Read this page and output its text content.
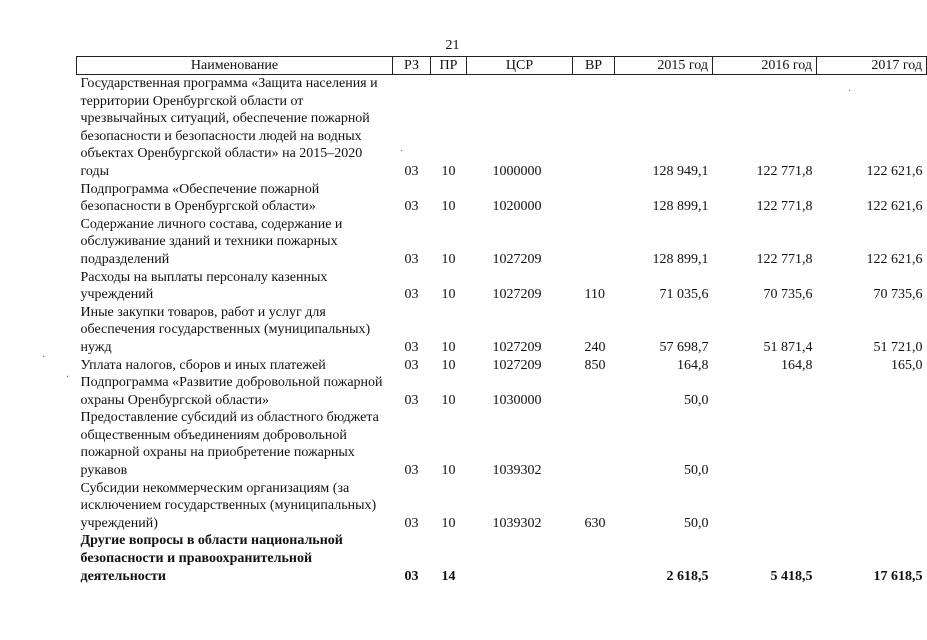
21
Наименование	РЗ	ПР	ЦСР	ВР	2015 год	2016 год	2017 год
Государственная программа «Защита населения и территории Оренбургской области от чрезвычайных ситуаций, обеспечение пожарной безопасности и безопасности людей на водных объектах Оренбургской области» на 2015–2020 годы	03	10	1000000		128 949,1	122 771,8	122 621,6
Подпрограмма «Обеспечение пожарной безопасности в Оренбургской области»	03	10	1020000		128 899,1	122 771,8	122 621,6
Содержание личного состава, содержание и обслуживание зданий и техники пожарных подразделений	03	10	1027209		128 899,1	122 771,8	122 621,6
Расходы на выплаты персоналу казенных учреждений	03	10	1027209	110	71 035,6	70 735,6	70 735,6
Иные закупки товаров, работ и услуг для обеспечения государственных (муниципальных) нужд	03	10	1027209	240	57 698,7	51 871,4	51 721,0
Уплата налогов, сборов и иных платежей	03	10	1027209	850	164,8	164,8	165,0
Подпрограмма «Развитие добровольной пожарной охраны Оренбургской области»	03	10	1030000		50,0		
Предоставление субсидий из областного бюджета общественным объединениям добровольной пожарной охраны на приобретение пожарных рукавов	03	10	1039302		50,0		
Субсидии некоммерческим организациям (за исключением государственных (муниципальных) учреждений)	03	10	1039302	630	50,0		
Другие вопросы в области национальной безопасности и правоохранительной деятельности	03	14			2 618,5	5 418,5	17 618,5
·
·
·
·
